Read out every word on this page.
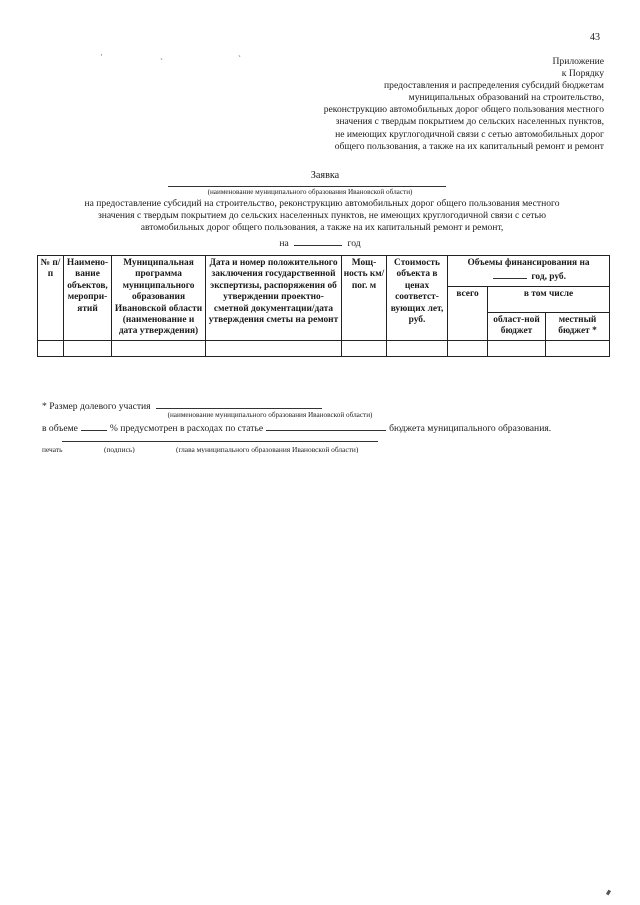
43
·	ˎ	˴
Приложение
к Порядку
предоставления и распределения субсидий бюджетам
муниципальных образований на строительство,
реконструкцию автомобильных дорог общего пользования местного
значения с твердым покрытием до сельских населенных пунктов,
не имеющих круглогодичной связи с сетью автомобильных дорог
общего пользования, а также на их капитальный ремонт и ремонт
Заявка
(наименование муниципального образования Ивановской области)
на предоставление субсидий на строительство, реконструкцию автомобильных дорог общего пользования местного
значения с твердым покрытием до сельских населенных пунктов, не имеющих круглогодичной связи с сетью
автомобильных дорог общего пользования, а также на их капитальный ремонт и ремонт,
на	год
№ п/п	Наимено-вание объектов, меропри-ятий	Муниципальная программа муниципального образования Ивановской области (наименование и дата утверждения)	Дата и номер положительного заключения государственной экспертизы, распоряжения об утверждении проектно-сметной документации/дата утверждения сметы на ремонт	Мощ-ность км/пог. м	Стоимость объекта в ценах соответст-вующих лет, руб.	Объемы финансирования на  год, руб.		
						всего	в том числе	
							област-ной бюджет	местный бюджет *

* Размер долевого участия
(наименование муниципального образования Ивановской области)
в объеме	% предусмотрен в расходах по статье	бюджета муниципального образования.
печать	(подпись)	(глава муниципального образования Ивановской области)
